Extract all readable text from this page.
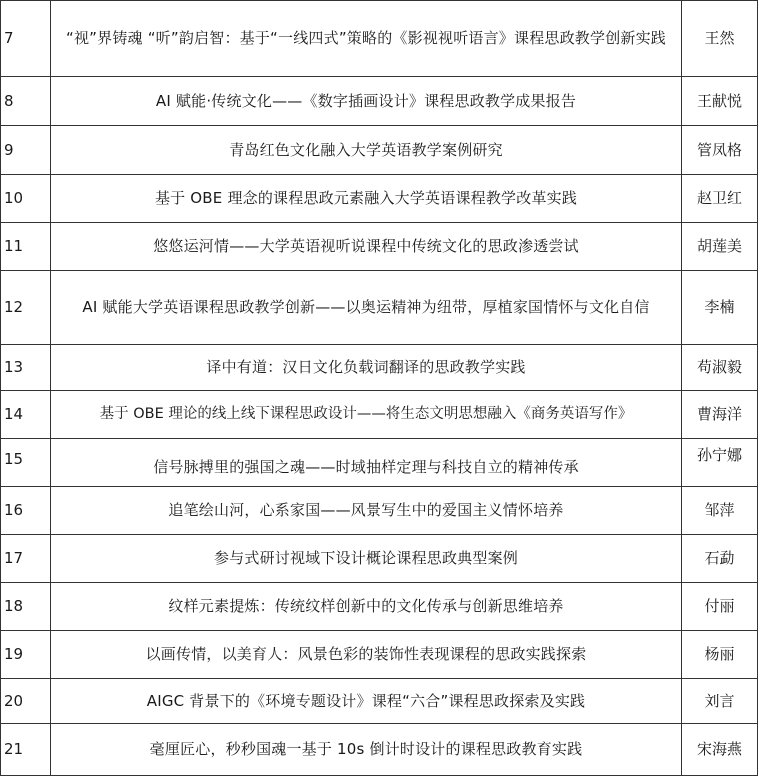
7	“视”界铸魂 “听”韵启智：基于“一线四式”策略的《影视视听语言》课程思政教学创新实践	王然
8	AI 赋能·传统文化——《数字插画设计》课程思政教学成果报告	王献悦
9	青岛红色文化融入大学英语教学案例研究	管凤格
10	基于 OBE 理念的课程思政元素融入大学英语课程教学改革实践	赵卫红
11	悠悠运河情——大学英语视听说课程中传统文化的思政渗透尝试	胡莲美
12	AI 赋能大学英语课程思政教学创新——以奥运精神为纽带，厚植家国情怀与文化自信	李楠
13	译中有道：汉日文化负载词翻译的思政教学实践	苟淑毅
14	基于 OBE 理论的线上线下课程思政设计——将生态文明思想融入《商务英语写作》	曹海洋
15	信号脉搏里的强国之魂——时域抽样定理与科技自立的精神传承	孙宁娜
16	追笔绘山河，心系家国——风景写生中的爱国主义情怀培养	邹萍
17	参与式研讨视域下设计概论课程思政典型案例	石勐
18	纹样元素提炼：传统纹样创新中的文化传承与创新思维培养	付丽
19	以画传情，以美育人：风景色彩的装饰性表现课程的思政实践探索	杨丽
20	AIGC 背景下的《环境专题设计》课程“六合”课程思政探索及实践	刘言
21	毫厘匠心，秒秒国魂一基于 10s 倒计时设计的课程思政教育实践	宋海燕
